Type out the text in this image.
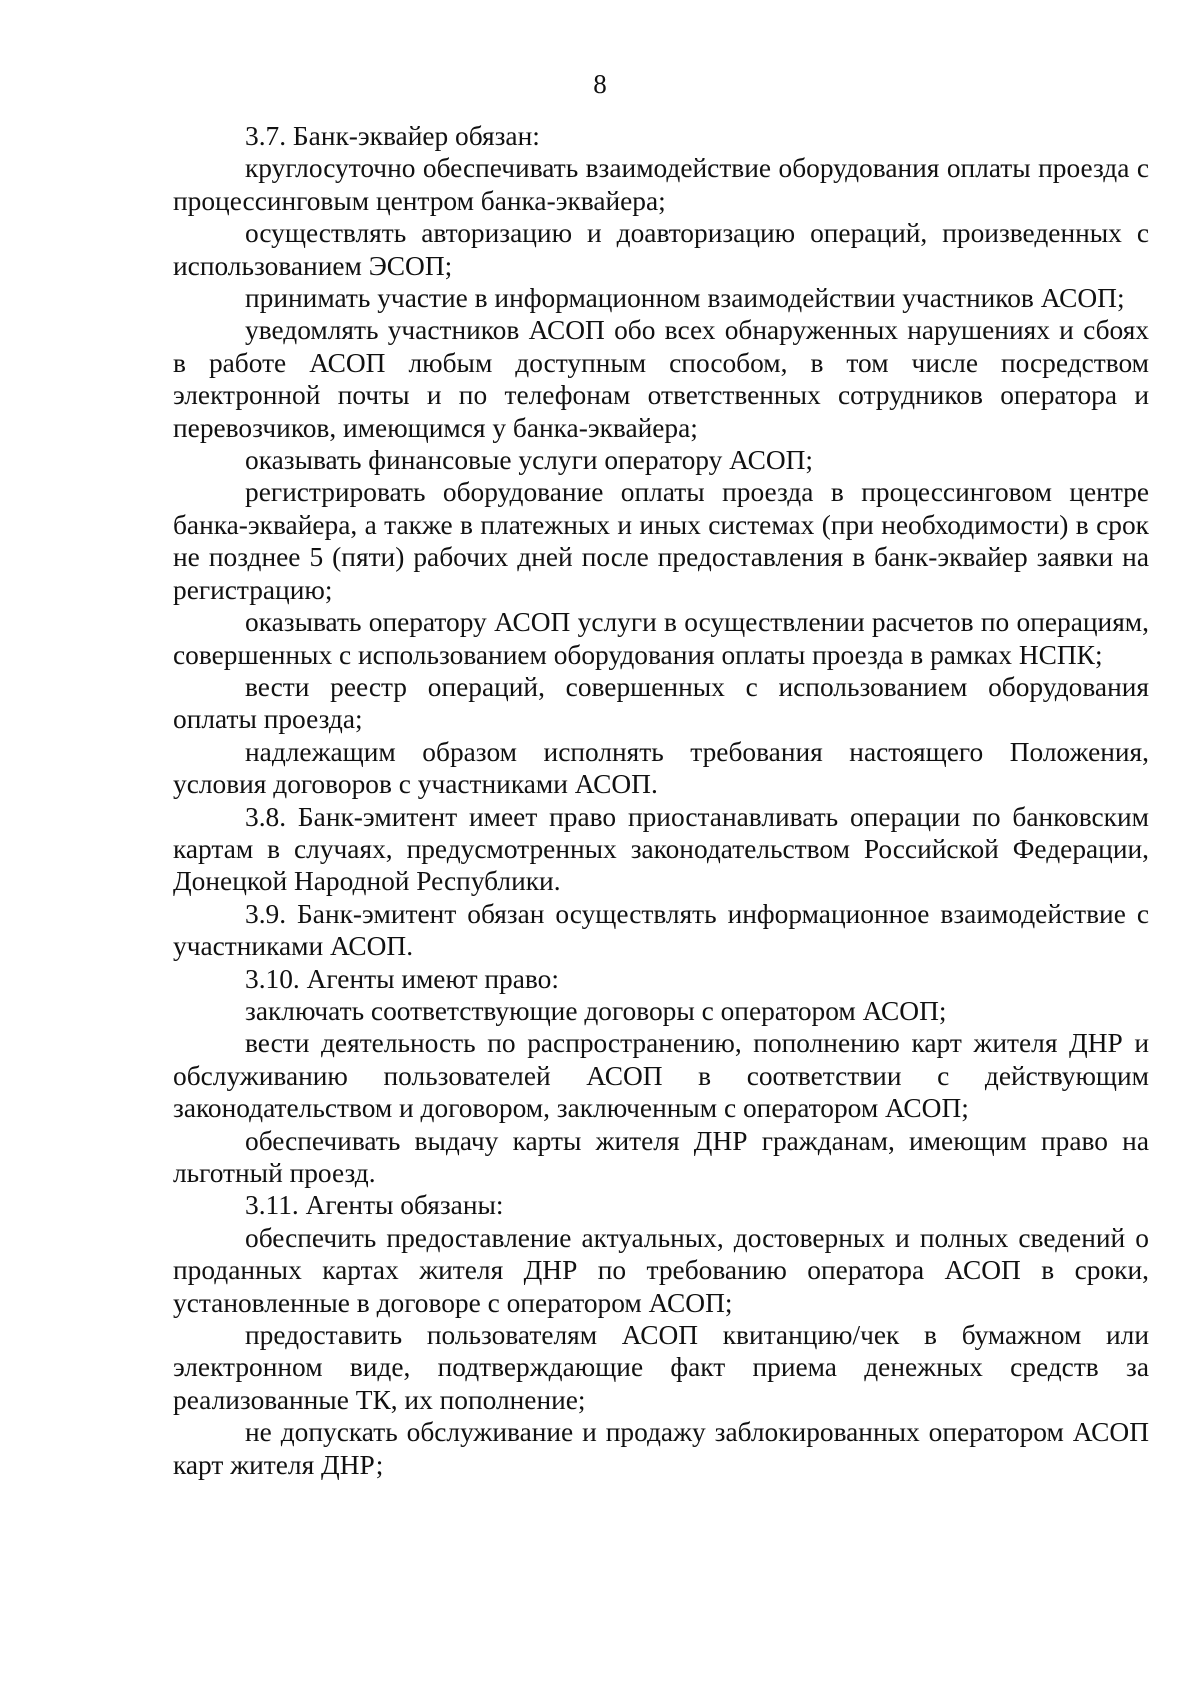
8

3.7. Банк-эквайер обязан:

круглосуточно обеспечивать взаимодействие оборудования оплаты проезда с процессинговым центром банка-эквайера;

осуществлять авторизацию и доавторизацию операций, произведенных с использованием ЭСОП;

принимать участие в информационном взаимодействии участников АСОП;

уведомлять участников АСОП обо всех обнаруженных нарушениях и сбоях в работе АСОП любым доступным способом, в том числе посредством электронной почты и по телефонам ответственных сотрудников оператора и перевозчиков, имеющимся у банка-эквайера;

оказывать финансовые услуги оператору АСОП;

регистрировать оборудование оплаты проезда в процессинговом центре банка-эквайера, а также в платежных и иных системах (при необходимости) в срок не позднее 5 (пяти) рабочих дней после предоставления в банк-эквайер заявки на регистрацию;

оказывать оператору АСОП услуги в осуществлении расчетов по операциям, совершенных с использованием оборудования оплаты проезда в рамках НСПК;

вести реестр операций, совершенных с использованием оборудования оплаты проезда;

надлежащим образом исполнять требования настоящего Положения, условия договоров с участниками АСОП.

3.8. Банк-эмитент имеет право приостанавливать операции по банковским картам в случаях, предусмотренных законодательством Российской Федерации, Донецкой Народной Республики.

3.9. Банк-эмитент обязан осуществлять информационное взаимодействие с участниками АСОП.

3.10. Агенты имеют право:

заключать соответствующие договоры с оператором АСОП;

вести деятельность по распространению, пополнению карт жителя ДНР и обслуживанию пользователей АСОП в соответствии с действующим законодательством и договором, заключенным с оператором АСОП;

обеспечивать выдачу карты жителя ДНР гражданам, имеющим право на льготный проезд.

3.11. Агенты обязаны:

обеспечить предоставление актуальных, достоверных и полных сведений о проданных картах жителя ДНР по требованию оператора АСОП в сроки, установленные в договоре с оператором АСОП;

предоставить пользователям АСОП квитанцию/чек в бумажном или электронном виде, подтверждающие факт приема денежных средств за реализованные ТК, их пополнение;

не допускать обслуживание и продажу заблокированных оператором АСОП карт жителя ДНР;
